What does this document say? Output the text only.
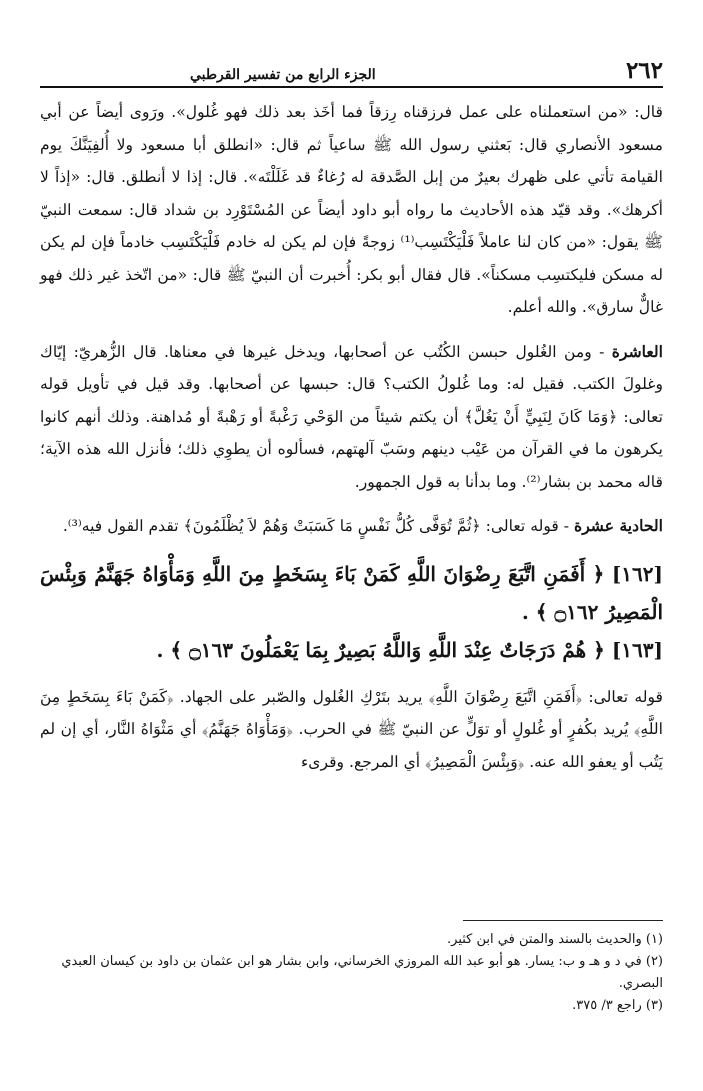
٢٦٢
الجزء الرابع من تفسير القرطبي

قال: «من استعملناه على عمل فرزقناه رِزقاً فما أخَذ بعد ذلك فهو غُلول». ورَوى أيضاً عن أبي مسعود الأنصاري قال: بَعثني رسول الله ﷺ ساعياً ثم قال: «انطلق أبا مسعود ولا أُلفِيَنَّكَ يوم القيامة تأتي على ظهرك بعيرٌ من إبل الصَّدقة له رُغاءٌ قد غَلَلْتَه». قال: إذا لا أنطلق. قال: «إذاً لا أكرهك». وقد قيّد هذه الأحاديث ما رواه أبو داود أيضاً عن المُسْتَوْرِد بن شداد قال: سمعت النبيّ ﷺ يقول: «من كان لنا عاملاً فَلْيَكْتَسِب⁽¹⁾ زوجةً فإن لم يكن له خادم فَلْيَكْتَسِب خادماً فإن لم يكن له مسكن فليكتسِب مسكناً». قال فقال أبو بكر: أُخبرت أن النبيّ ﷺ قال: «من اتّخذ غير ذلك فهو غالٌّ سارق». والله أعلم.

العاشرة - ومن الغُلول حبسن الكُتُب عن أصحابها، ويدخل غيرها في معناها. قال الزُّهريّ: إيّاك وغلولَ الكتب. فقيل له: وما غُلولُ الكتب؟ قال: حبسها عن أصحابها. وقد قيل في تأويل قوله تعالى: ﴿وَمَا كَانَ لِنَبِيٍّ أَنْ يَغُلَّ﴾ أن يكتم شيئاً من الوَحْي رَغْبةً أو رَهْبةً أو مُداهنة. وذلك أنهم كانوا يكرهون ما في القرآن من عَيْب دينهم وسَبّ آلهتهم، فسألوه أن يطوِي ذلك؛ فأنزل الله هذه الآية؛ قاله محمد بن بشار⁽²⁾. وما بدأنا به قول الجمهور.

الحادية عشرة - قوله تعالى: ﴿ثُمَّ تُوَفَّى كُلُّ نَفْسٍ مَا كَسَبَتْ وَهُمْ لاَ يُظْلَمُونَ﴾ تقدم القول فيه⁽³⁾.

[١٦٢] ﴿ أَفَمَنِ اتَّبَعَ رِضْوَانَ اللَّهِ كَمَنْ بَاءَ بِسَخَطٍ مِنَ اللَّهِ وَمَأْوَاهُ جَهَنَّمُ وَبِئْسَ الْمَصِيرُ ۝١٦٢ ﴾ .

[١٦٣] ﴿ هُمْ دَرَجَاتٌ عِنْدَ اللَّهِ وَاللَّهُ بَصِيرٌ بِمَا يَعْمَلُونَ ۝١٦٣ ﴾ .

قوله تعالى: ﴿أَفَمَنِ اتَّبَعَ رِضْوَانَ اللَّهِ﴾ يريد بتَرْكِ الغُلول والصّبر على الجهاد. ﴿كَمَنْ بَاءَ بِسَخَطٍ مِنَ اللَّهِ﴾ يُريد بكُفرٍ أو غُلولٍ أو توَلٍّ عن النبيّ ﷺ في الحرب. ﴿وَمَأْوَاهُ جَهَنَّمُ﴾ أي مَثْوَاهُ النَّار، أي إن لم يَتُب أو يعفو الله عنه. ﴿وَبِئْسَ الْمَصِيرُ﴾ أي المرجع. وقرىء

(١) والحديث بالسند والمتن في ابن كثير.

(٢) في د و هـ و ب: يسار. هو أبو عبد الله المروزي الخرساني، وابن بشار هو ابن عثمان بن داود بن كيسان العبدي البصري.

(٣) راجع ٣/ ٣٧٥.
